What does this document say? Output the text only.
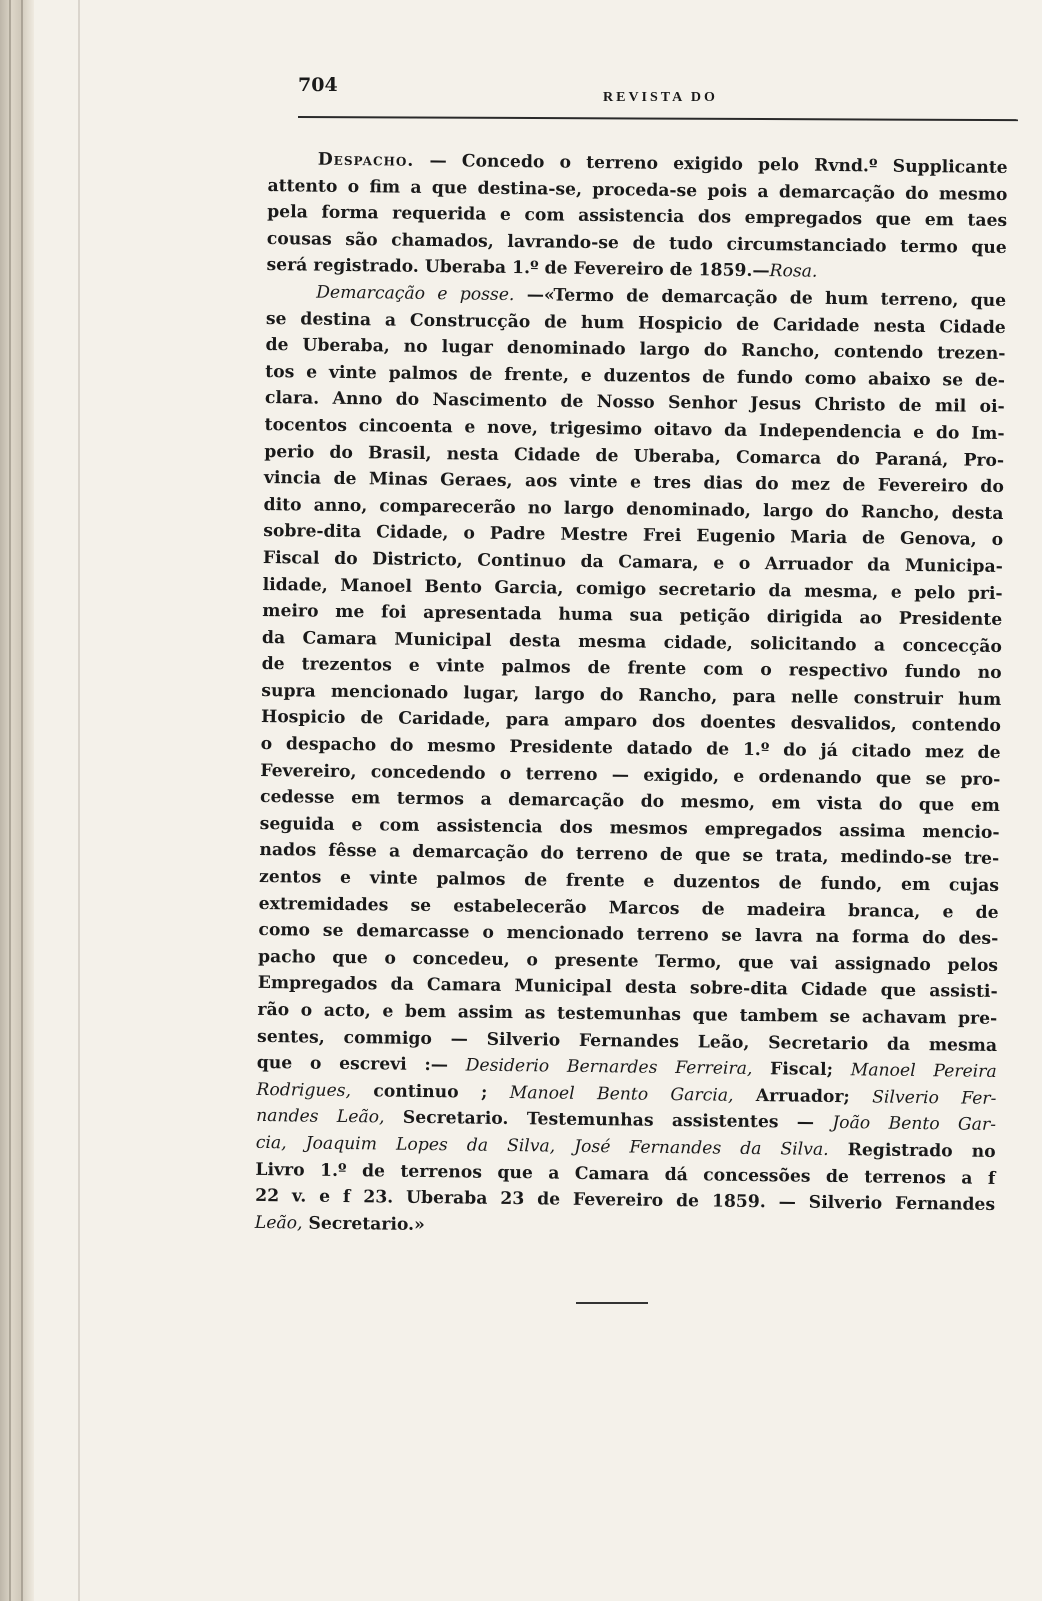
704
REVISTA DO
Despacho. — Concedo o terreno exigido pelo Rvnd.º Supplicante
attento o fim a que destina-se, proceda-se pois a demarcação do mesmo
pela forma requerida e com assistencia dos empregados que em taes
cousas são chamados, lavrando-se de tudo circumstanciado termo que
será registrado. Uberaba 1.º de Fevereiro de 1859.—Rosa.
Demarcação e posse. —«Termo de demarcação de hum terreno, que
se destina a Construcção de hum Hospicio de Caridade nesta Cidade
de Uberaba, no lugar denominado largo do Rancho, contendo trezen-
tos e vinte palmos de frente, e duzentos de fundo como abaixo se de-
clara. Anno do Nascimento de Nosso Senhor Jesus Christo de mil oi-
tocentos cincoenta e nove, trigesimo oitavo da Independencia e do Im-
perio do Brasil, nesta Cidade de Uberaba, Comarca do Paraná, Pro-
vincia de Minas Geraes, aos vinte e tres dias do mez de Fevereiro do
dito anno, comparecerão no largo denominado, largo do Rancho, desta
sobre-dita Cidade, o Padre Mestre Frei Eugenio Maria de Genova, o
Fiscal do Districto, Continuo da Camara, e o Arruador da Municipa-
lidade, Manoel Bento Garcia, comigo secretario da mesma, e pelo pri-
meiro me foi apresentada huma sua petição dirigida ao Presidente
da Camara Municipal desta mesma cidade, solicitando a concecção
de trezentos e vinte palmos de frente com o respectivo fundo no
supra mencionado lugar, largo do Rancho, para nelle construir hum
Hospicio de Caridade, para amparo dos doentes desvalidos, contendo
o despacho do mesmo Presidente datado de 1.º do já citado mez de
Fevereiro, concedendo o terreno — exigido, e ordenando que se pro-
cedesse em termos a demarcação do mesmo, em vista do que em
seguida e com assistencia dos mesmos empregados assima mencio-
nados fêsse a demarcação do terreno de que se trata, medindo-se tre-
zentos e vinte palmos de frente e duzentos de fundo, em cujas
extremidades se estabelecerão Marcos de madeira branca, e de
como se demarcasse o mencionado terreno se lavra na forma do des-
pacho que o concedeu, o presente Termo, que vai assignado pelos
Empregados da Camara Municipal desta sobre-dita Cidade que assisti-
rão o acto, e bem assim as testemunhas que tambem se achavam pre-
sentes, commigo — Silverio Fernandes Leão, Secretario da mesma
que o escrevi :— Desiderio Bernardes Ferreira, Fiscal; Manoel Pereira
Rodrigues, continuo ; Manoel Bento Garcia, Arruador; Silverio Fer-
nandes Leão, Secretario. Testemunhas assistentes — João Bento Gar-
cia, Joaquim Lopes da Silva, José Fernandes da Silva. Registrado no
Livro 1.º de terrenos que a Camara dá concessões de terrenos a f
22 v. e f 23. Uberaba 23 de Fevereiro de 1859. — Silverio Fernandes
Leão, Secretario.»
